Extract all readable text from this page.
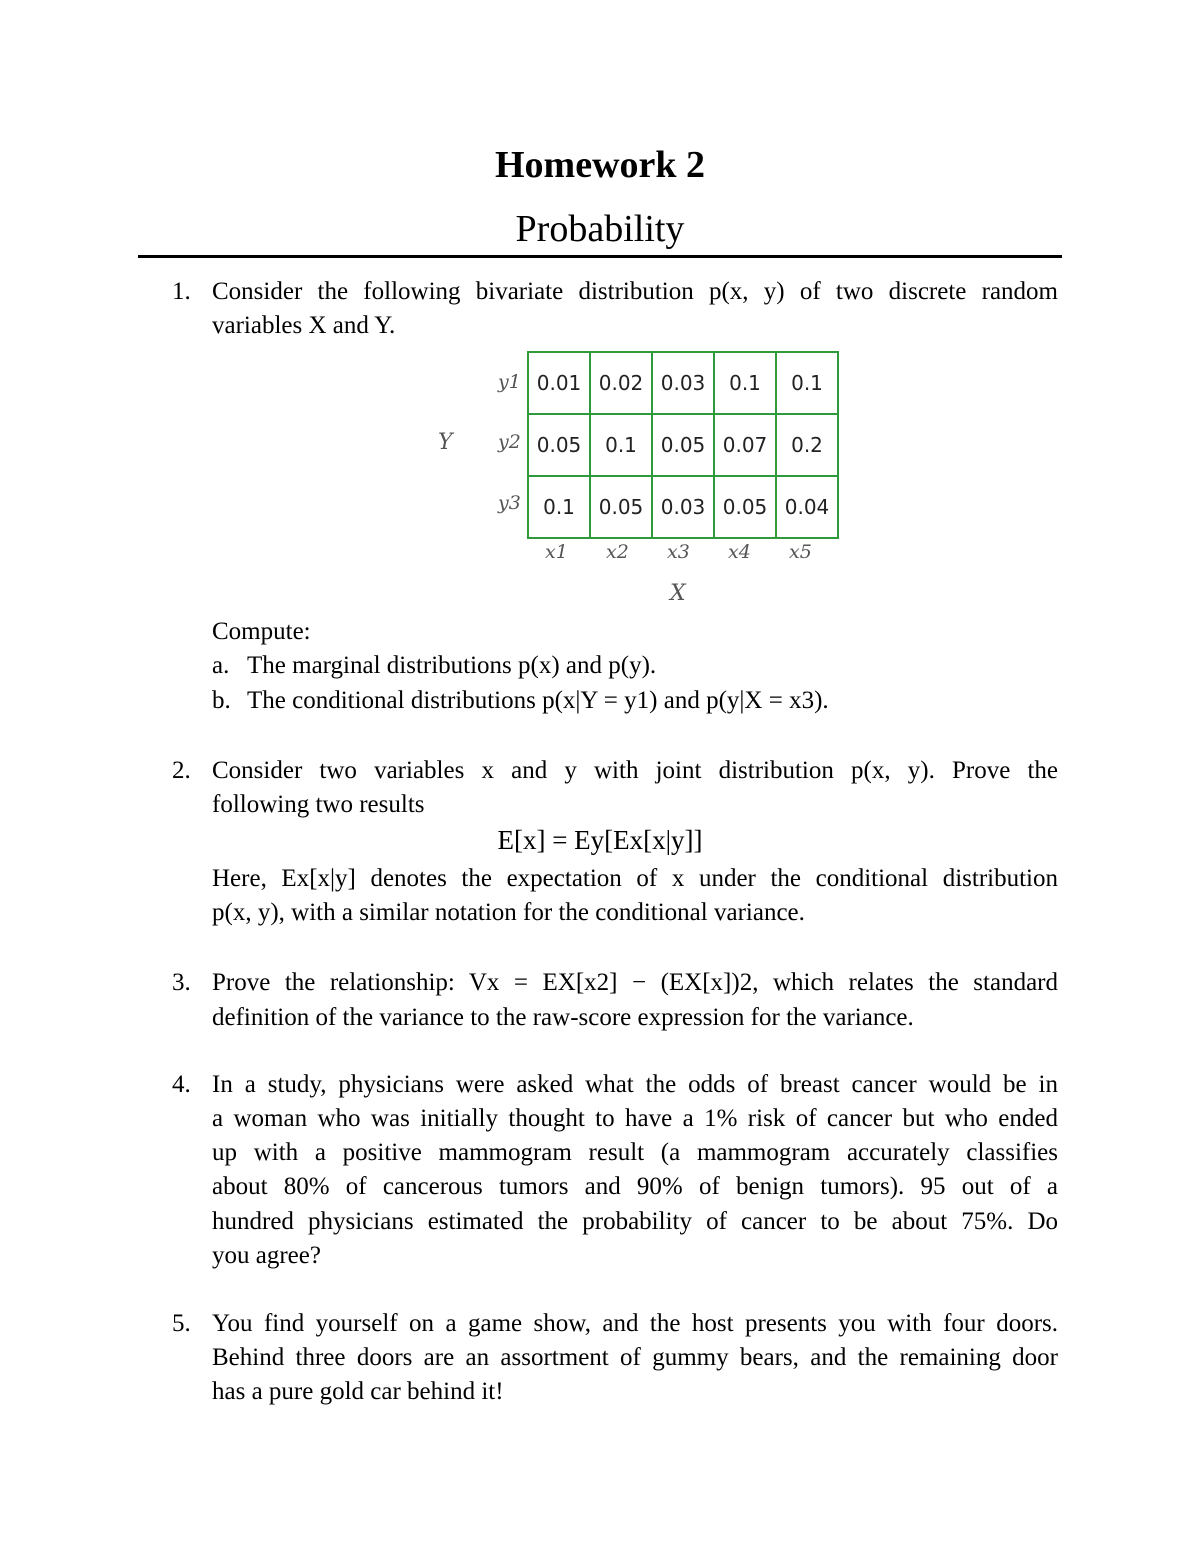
Homework 2
Probability
1. Consider the following bivariate distribution p(x, y) of two discrete random
variables X and Y.
Y
y1
y2
y3
0.01	0.02	0.03	0.1	0.1
0.05	0.1	0.05	0.07	0.2
0.1	0.05	0.03	0.05	0.04
x1 x2 x3 x4 x5
X
Compute:
a. The marginal distributions p(x) and p(y).
b. The conditional distributions p(x|Y = y1) and p(y|X = x3).
2. Consider two variables x and y with joint distribution p(x, y). Prove the
following two results
E[x] = Ey[Ex[x|y]]
Here, Ex[x|y] denotes the expectation of x under the conditional distribution
p(x, y), with a similar notation for the conditional variance.
3. Prove the relationship: Vx = EX[x2] − (EX[x])2, which relates the standard
definition of the variance to the raw-score expression for the variance.
4. In a study, physicians were asked what the odds of breast cancer would be in
a woman who was initially thought to have a 1% risk of cancer but who ended
up with a positive mammogram result (a mammogram accurately classifies
about 80% of cancerous tumors and 90% of benign tumors). 95 out of a
hundred physicians estimated the probability of cancer to be about 75%. Do
you agree?
5. You find yourself on a game show, and the host presents you with four doors.
Behind three doors are an assortment of gummy bears, and the remaining door
has a pure gold car behind it!
